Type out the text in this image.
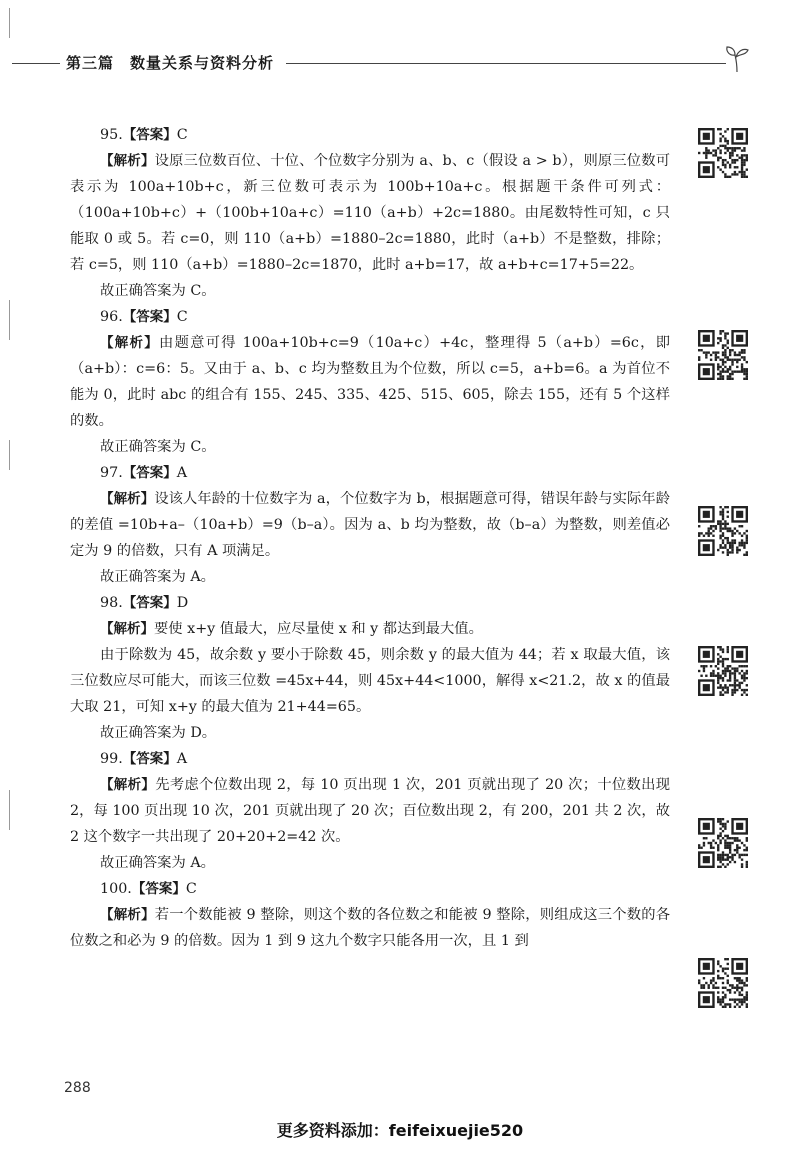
第三篇　数量关系与资料分析

95.【答案】C

【解析】设原三位数百位、十位、个位数字分别为 a、b、c（假设 a > b），则原三位数可表示为 100a+10b+c，新三位数可表示为 100b+10a+c。根据题干条件可列式：（100a+10b+c）+（100b+10a+c）=110（a+b）+2c=1880。由尾数特性可知，c 只能取 0 或 5。若 c=0，则 110（a+b）=1880–2c=1880，此时（a+b）不是整数，排除；若 c=5，则 110（a+b）=1880–2c=1870，此时 a+b=17，故 a+b+c=17+5=22。

故正确答案为 C。

96.【答案】C

【解析】由题意可得 100a+10b+c=9（10a+c）+4c，整理得 5（a+b）=6c，即（a+b）：c=6：5。又由于 a、b、c 均为整数且为个位数，所以 c=5，a+b=6。a 为首位不能为 0，此时 abc 的组合有 155、245、335、425、515、605，除去 155，还有 5 个这样的数。

故正确答案为 C。

97.【答案】A

【解析】设该人年龄的十位数字为 a，个位数字为 b，根据题意可得，错误年龄与实际年龄的差值 =10b+a–（10a+b）=9（b–a）。因为 a、b 均为整数，故（b–a）为整数，则差值必定为 9 的倍数，只有 A 项满足。

故正确答案为 A。

98.【答案】D

【解析】要使 x+y 值最大，应尽量使 x 和 y 都达到最大值。

由于除数为 45，故余数 y 要小于除数 45，则余数 y 的最大值为 44；若 x 取最大值，该三位数应尽可能大，而该三位数 =45x+44，则 45x+44<1000，解得 x<21.2，故 x 的值最大取 21，可知 x+y 的最大值为 21+44=65。

故正确答案为 D。

99.【答案】A

【解析】先考虑个位数出现 2，每 10 页出现 1 次，201 页就出现了 20 次；十位数出现 2，每 100 页出现 10 次，201 页就出现了 20 次；百位数出现 2，有 200，201 共 2 次，故 2 这个数字一共出现了 20+20+2=42 次。

故正确答案为 A。

100.【答案】C

【解析】若一个数能被 9 整除，则这个数的各位数之和能被 9 整除，则组成这三个数的各位数之和必为 9 的倍数。因为 1 到 9 这九个数字只能各用一次，且 1 到

288
更多资料添加：feifeixuejie520
